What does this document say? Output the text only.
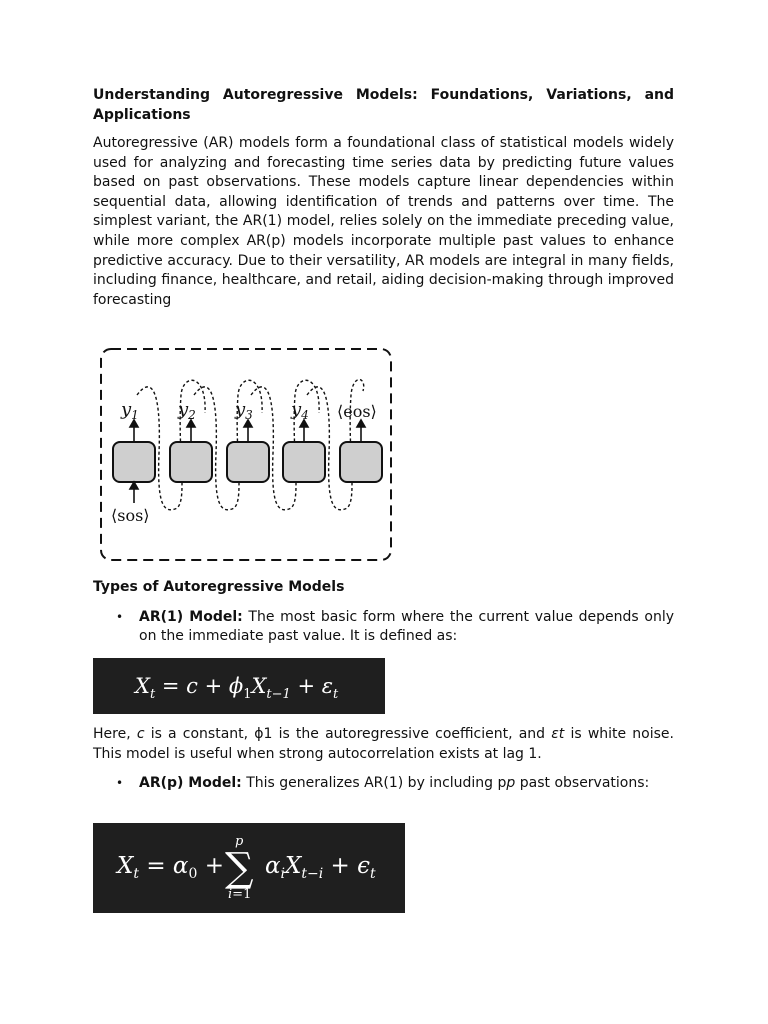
Understanding Autoregressive Models: Foundations, Variations, and Applications

Autoregressive (AR) models form a foundational class of statistical models widely used for analyzing and forecasting time series data by predicting future values based on past observations. These models capture linear dependencies within sequential data, allowing identification of trends and patterns over time. The simplest variant, the AR(1) model, relies solely on the immediate preceding value, while more complex AR(p) models incorporate multiple past values to enhance predictive accuracy. Due to their versatility, AR models are integral in many fields, including finance, healthcare, and retail, aiding decision-making through improved forecasting

$y_1$ $y_2$ $y_3$ $y_4$ ⟨eos⟩
⟨sos⟩

Types of Autoregressive Models

• AR(1) Model: The most basic form where the current value depends only on the immediate past value. It is defined as:

$X_t = c + \phi_1X_{t-1} + \varepsilon_t$

Here, c is a constant, ϕ1 is the autoregressive coefficient, and εt is white noise. This model is useful when strong autocorrelation exists at lag 1.

• AR(p) Model: This generalizes AR(1) by including pp past observations:

$X_t = \alpha_0$ +
p
∑
i=1
$\alpha_iX_{t-i} + \epsilon_t$
